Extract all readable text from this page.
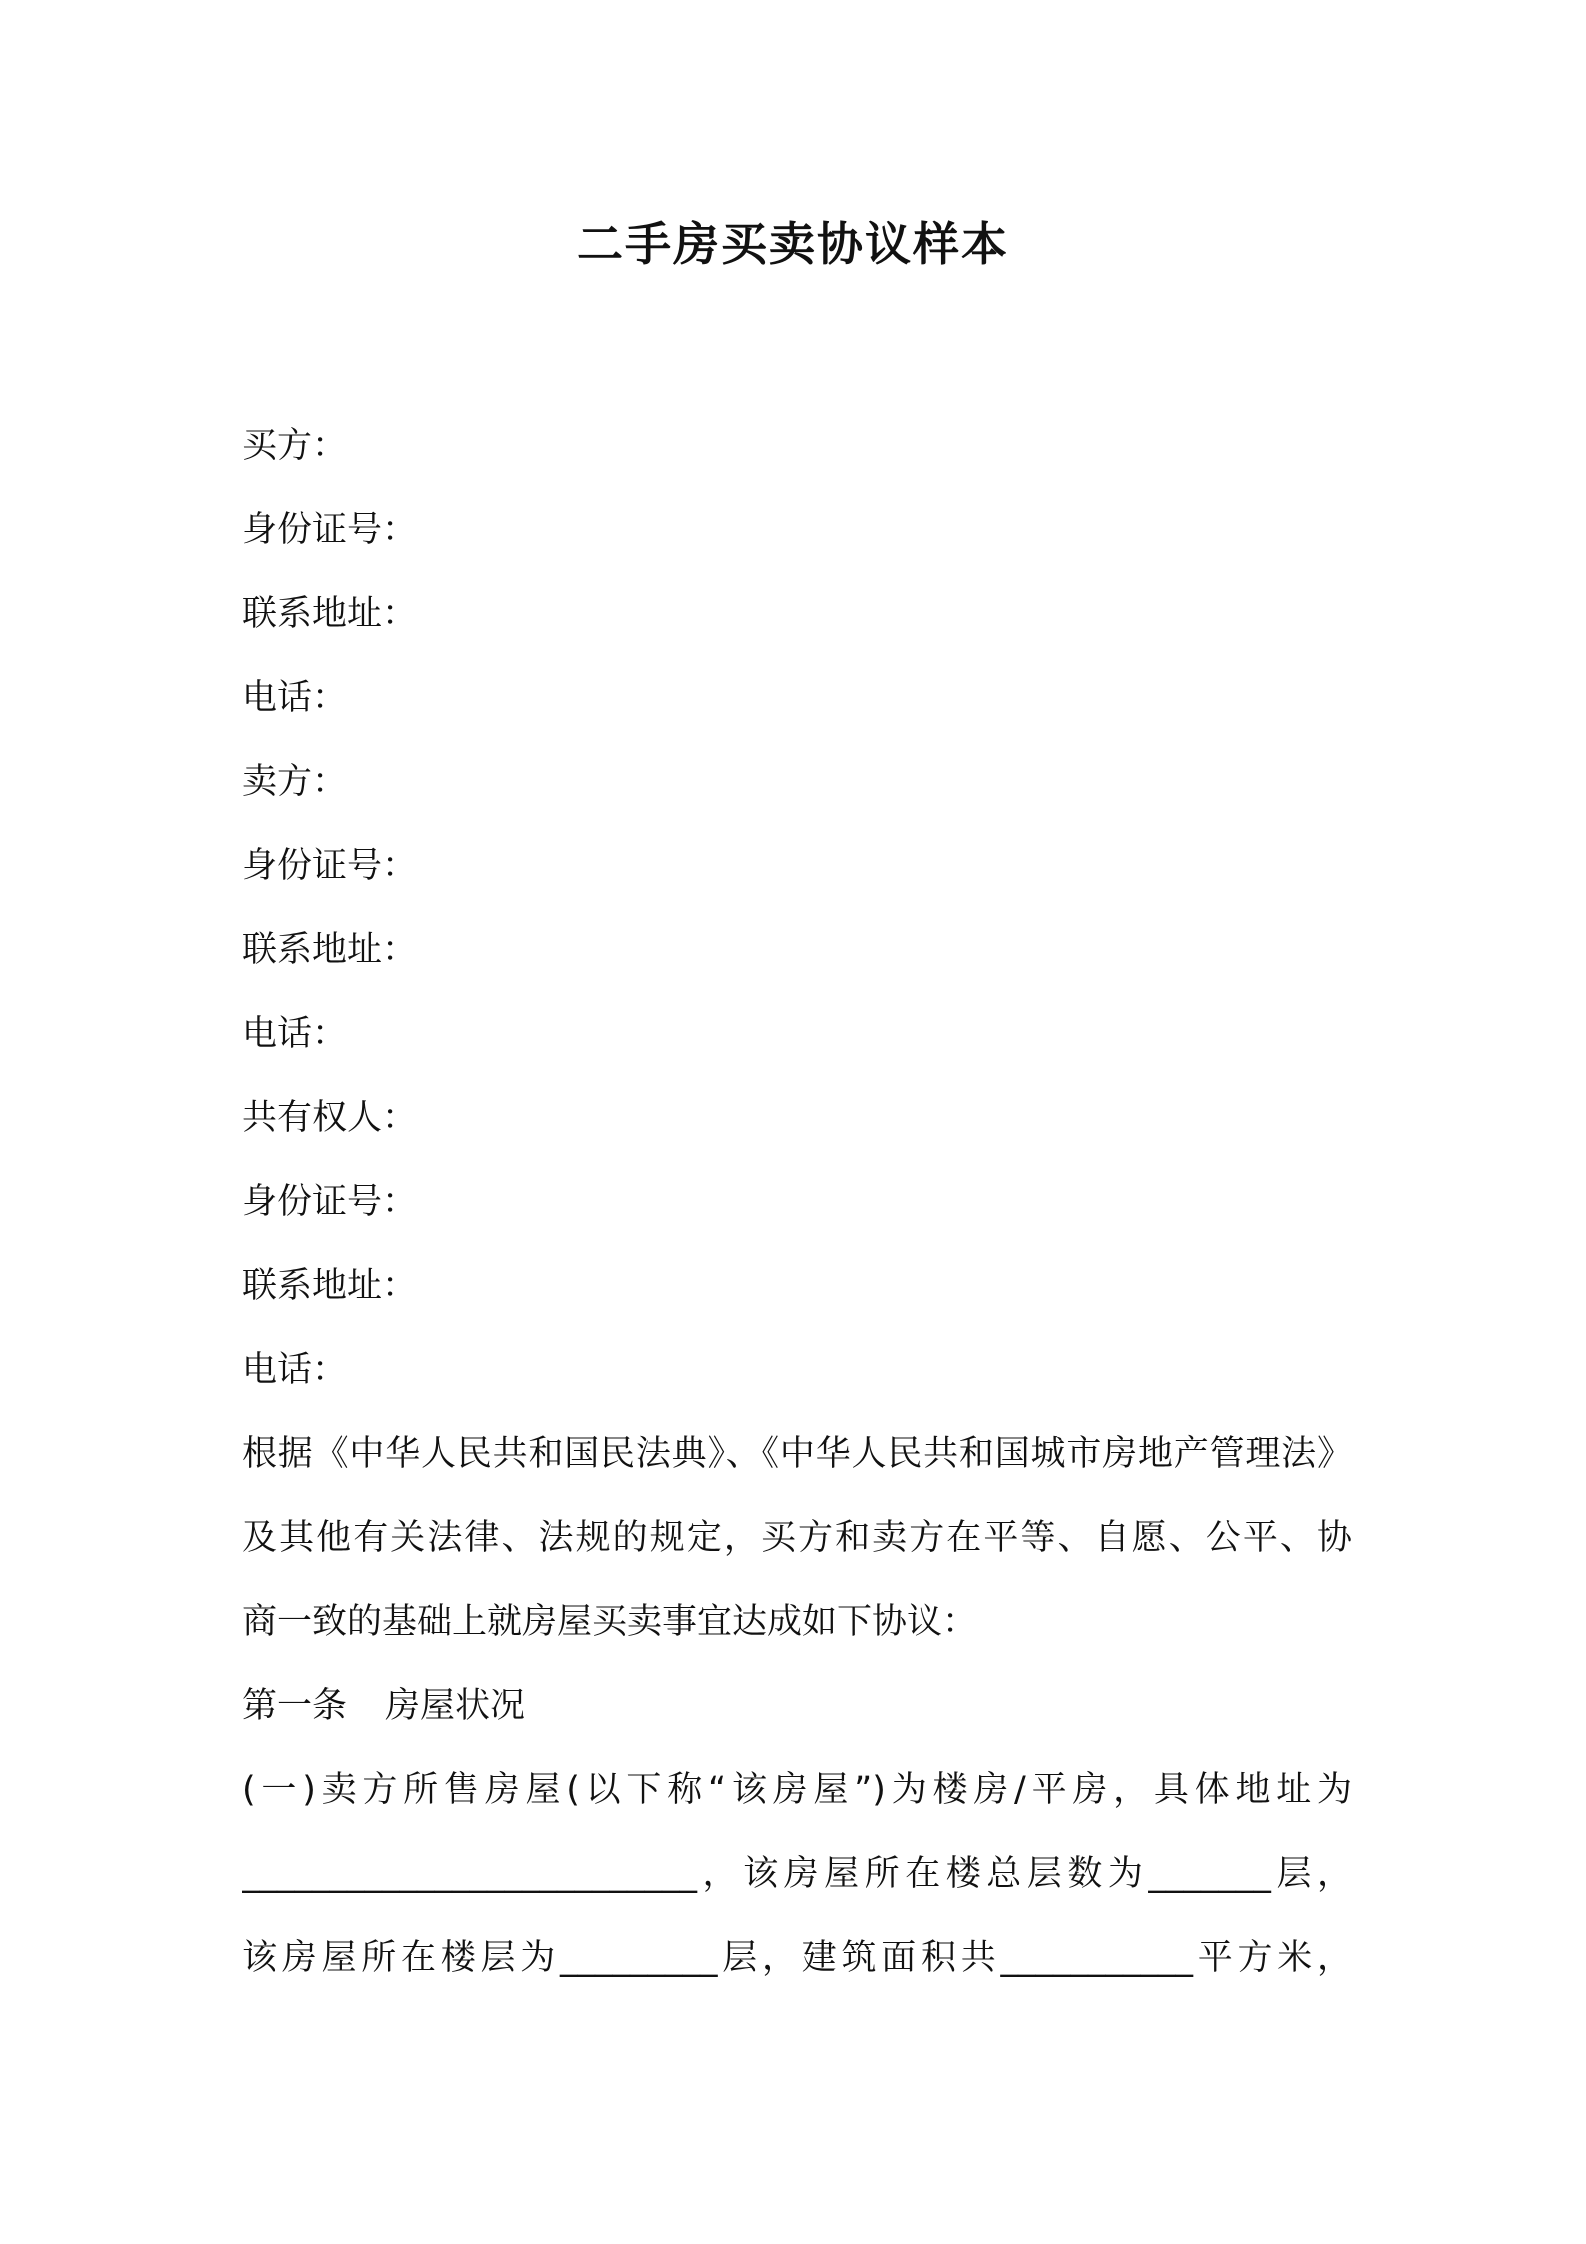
二手房买卖协议样本
买方：
身份证号：
联系地址：
电话：
卖方：
身份证号：
联系地址：
电话：
共有权人：
身份证号：
联系地址：
电话：
根据《中华人民共和国民法典》、《中华人民共和国城市房地产管理法》
及其他有关法律、法规的规定，买方和卖方在平等、自愿、公平、协
商一致的基础上就房屋买卖事宜达成如下协议：
第一条 房屋状况
(一)卖方所售房屋(以下称“该房屋”)为楼房/平房，具体地址为
__________________________，该房屋所在楼总层数为_______层，
该房屋所在楼层为_________层，建筑面积共___________平方米，
